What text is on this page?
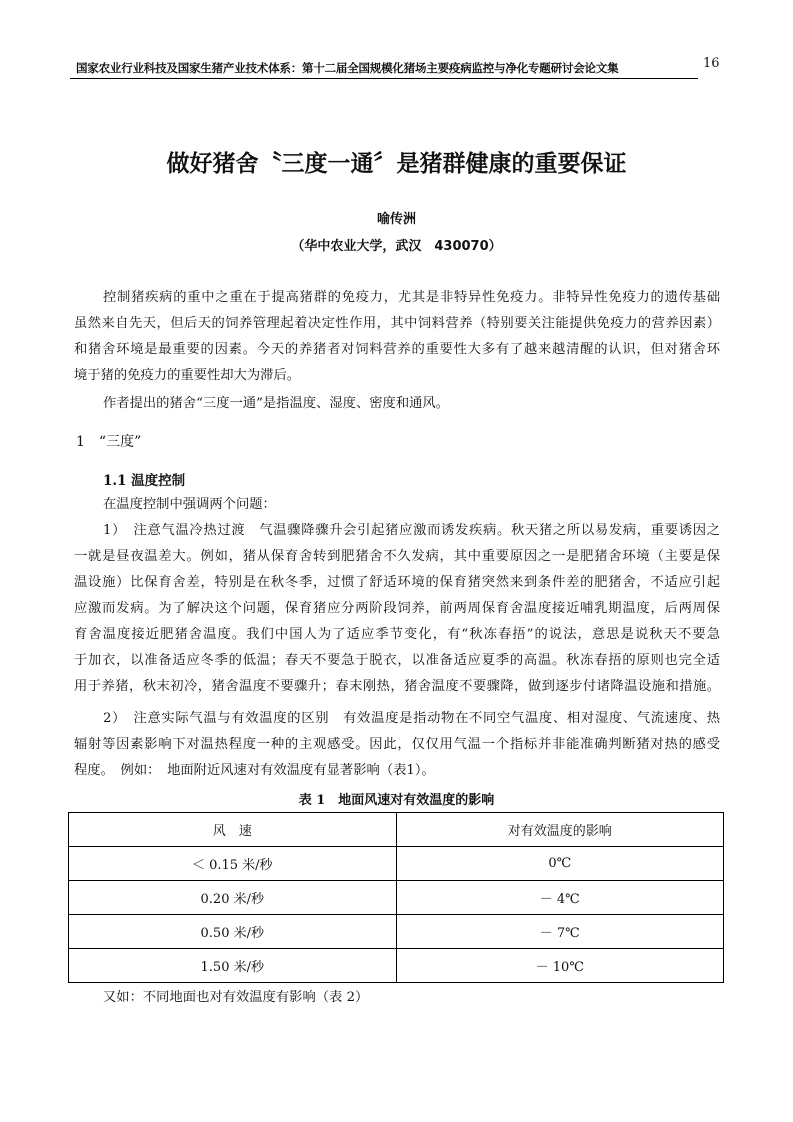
国家农业行业科技及国家生猪产业技术体系：第十二届全国规模化猪场主要疫病监控与净化专题研讨会论文集	16
做好猪舍〝三度一通〞是猪群健康的重要保证
喻传洲
（华中农业大学，武汉　430070）
控制猪疾病的重中之重在于提高猪群的免疫力，尤其是非特异性免疫力。非特异性免疫力的遗传基础
虽然来自先天，但后天的饲养管理起着决定性作用，其中饲料营养（特别要关注能提供免疫力的营养因素）
和猪舍环境是最重要的因素。今天的养猪者对饲料营养的重要性大多有了越来越清醒的认识，但对猪舍环
境于猪的免疫力的重要性却大为滞后。
作者提出的猪舍“三度一通”是指温度、湿度、密度和通风。
1　“三度”
1.1 温度控制
在温度控制中强调两个问题：
1）　注意气温冷热过渡　气温骤降骤升会引起猪应激而诱发疾病。秋天猪之所以易发病，重要诱因之
一就是昼夜温差大。例如，猪从保育舍转到肥猪舍不久发病，其中重要原因之一是肥猪舍环境（主要是保
温设施）比保育舍差，特别是在秋冬季，过惯了舒适环境的保育猪突然来到条件差的肥猪舍，不适应引起
应激而发病。为了解决这个问题，保育猪应分两阶段饲养，前两周保育舍温度接近哺乳期温度，后两周保
育舍温度接近肥猪舍温度。我们中国人为了适应季节变化，有“秋冻春捂”的说法，意思是说秋天不要急
于加衣，以准备适应冬季的低温；春天不要急于脱衣，以准备适应夏季的高温。秋冻春捂的原则也完全适
用于养猪，秋末初冷，猪舍温度不要骤升；春末刚热，猪舍温度不要骤降，做到逐步付诸降温设施和措施。
2）　注意实际气温与有效温度的区别　有效温度是指动物在不同空气温度、相对湿度、气流速度、热
辐射等因素影响下对温热程度一种的主观感受。因此，仅仅用气温一个指标并非能准确判断猪对热的感受
程度。　例如：　地面附近风速对有效温度有显著影响（表1）。
表 1　地面风速对有效温度的影响
风　速	对有效温度的影响
＜ 0.15 米/秒	0℃
0.20 米/秒	－ 4℃
0.50 米/秒	－ 7℃
1.50 米/秒	－ 10℃
又如：不同地面也对有效温度有影响（表 2）
